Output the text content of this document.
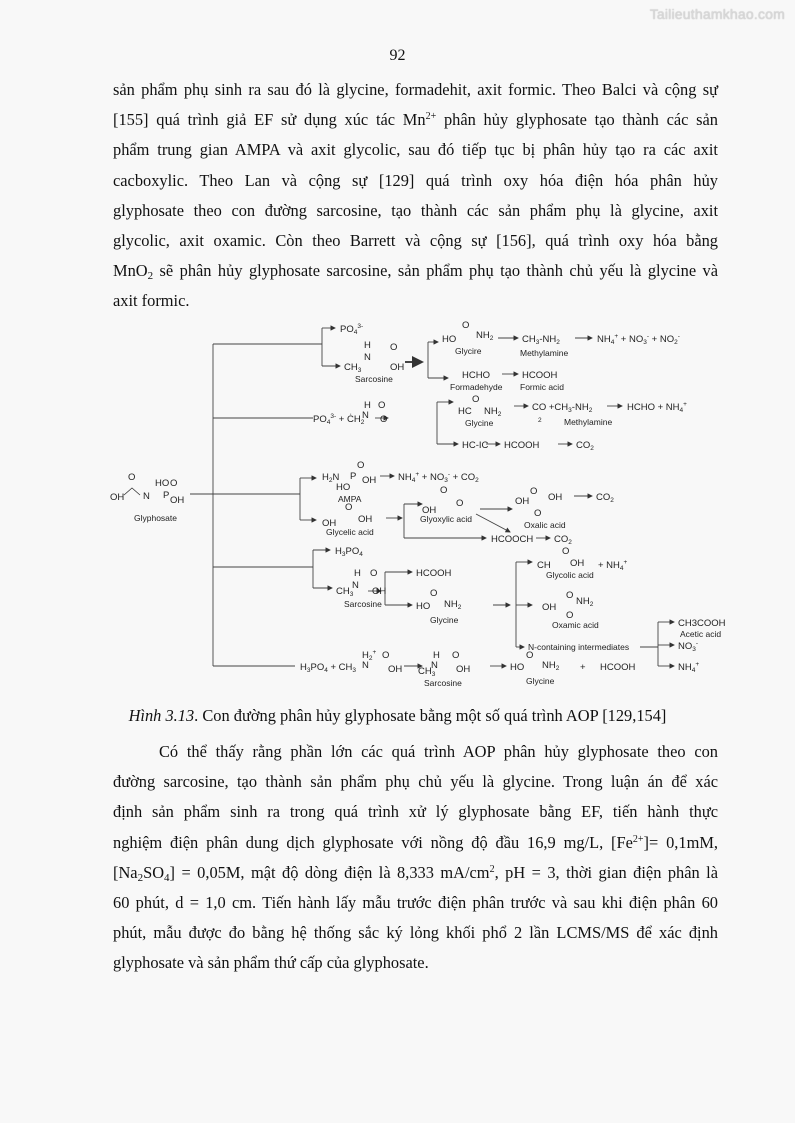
Tailieuthamkhao.com
92
sản phẩm phụ sinh ra sau đó là glycine, formadehit, axit formic. Theo Balci và cộng sự
[155] quá trình giả EF sử dụng xúc tác $Mn^{2+}$ phân hủy glyphosate tạo thành các sản
phẩm trung gian AMPA và axit glycolic, sau đó tiếp tục bị phân hủy tạo ra các axit
cacboxylic. Theo Lan và cộng sự [129] quá trình oxy hóa điện hóa phân hủy
glyphosate theo con đường sarcosine, tạo thành các sản phẩm phụ là glycine, axit
glycolic, axit oxamic. Còn theo Barrett và cộng sự [156], quá trình oxy hóa bằng
MnO$_2$ sẽ phân hủy glyphosate sarcosine, sản phẩm phụ tạo thành chủ yếu là glycine và
axit formic.
OH
O
N
HO
P
O
OH
Glyphosate
$PO_4^{3-}$
H
N
O
$CH_3$	OH
Sarcosine
HO
O
$NH_2$
Glycire
$CH_3-NH_2$
Methylamine
$NH_4^+ + NO_3^- + NO_2^-$
HCHO	HCOOH
Formadehyde Formic acid
$PO_4^{3-}$ + $ĊH_2$
H
N
O
O
HC
O
$NH_2$
Glycine
CO $+CH_3-NH_2$
2	Methylamine
HCHO + $NH_4^+$
HC-IC HCOOH	$CO_2$
$H_2N$ P
O
OH
HO
AMPA
$NH_4^+ + NO_3^- + CO_2$
O
OH OH
Glycelic acid
O
OH
O
Glyoxylic acid
OH
O
OH
O
Oxalic acid
$CO_2$
HCOOCH $CO_2$
$H_3PO_4$
H
N
O
$CH_3$ OH
Sarcosine
HCOOH
HO
O
$NH_2$
Glycine
O
CH OH
Glycolic acid
+ $NH_4^+$
O
OH
$NH_2$
O
Oxamic acid
N-containing intermediates
CH3COOH
Acetic acid
$NO_3^-$
$NH_4^+$
$H_3PO_4 + CH_3$
$H_2^+$
N
O
OH
H
N
O
$CH_3$ OH
Sarcosine
HO
O
$NH_2$
Glycine
+ HCOOH
Hình 3.13. Con đường phân hủy glyphosate bằng một số quá trình AOP [129,154]
Có thể thấy rằng phần lớn các quá trình AOP phân hủy glyphosate theo con
đường sarcosine, tạo thành sản phẩm phụ chủ yếu là glycine. Trong luận án để xác
định sản phẩm sinh ra trong quá trình xử lý glyphosate bằng EF, tiến hành thực
nghiệm điện phân dung dịch glyphosate với nồng độ đầu 16,9 mg/L, $[Fe^{2+}]= 0,1mM$,
$[Na_2SO_4] = 0,05M$, mật độ dòng điện là 8,333 $mA/cm^2$, pH = 3, thời gian điện phân là
60 phút, d = 1,0 cm. Tiến hành lấy mẫu trước điện phân trước và sau khi điện phân 60
phút, mẫu được đo bằng hệ thống sắc ký lỏng khối phổ 2 lần LCMS/MS để xác định
glyphosate và sản phẩm thứ cấp của glyphosate.
